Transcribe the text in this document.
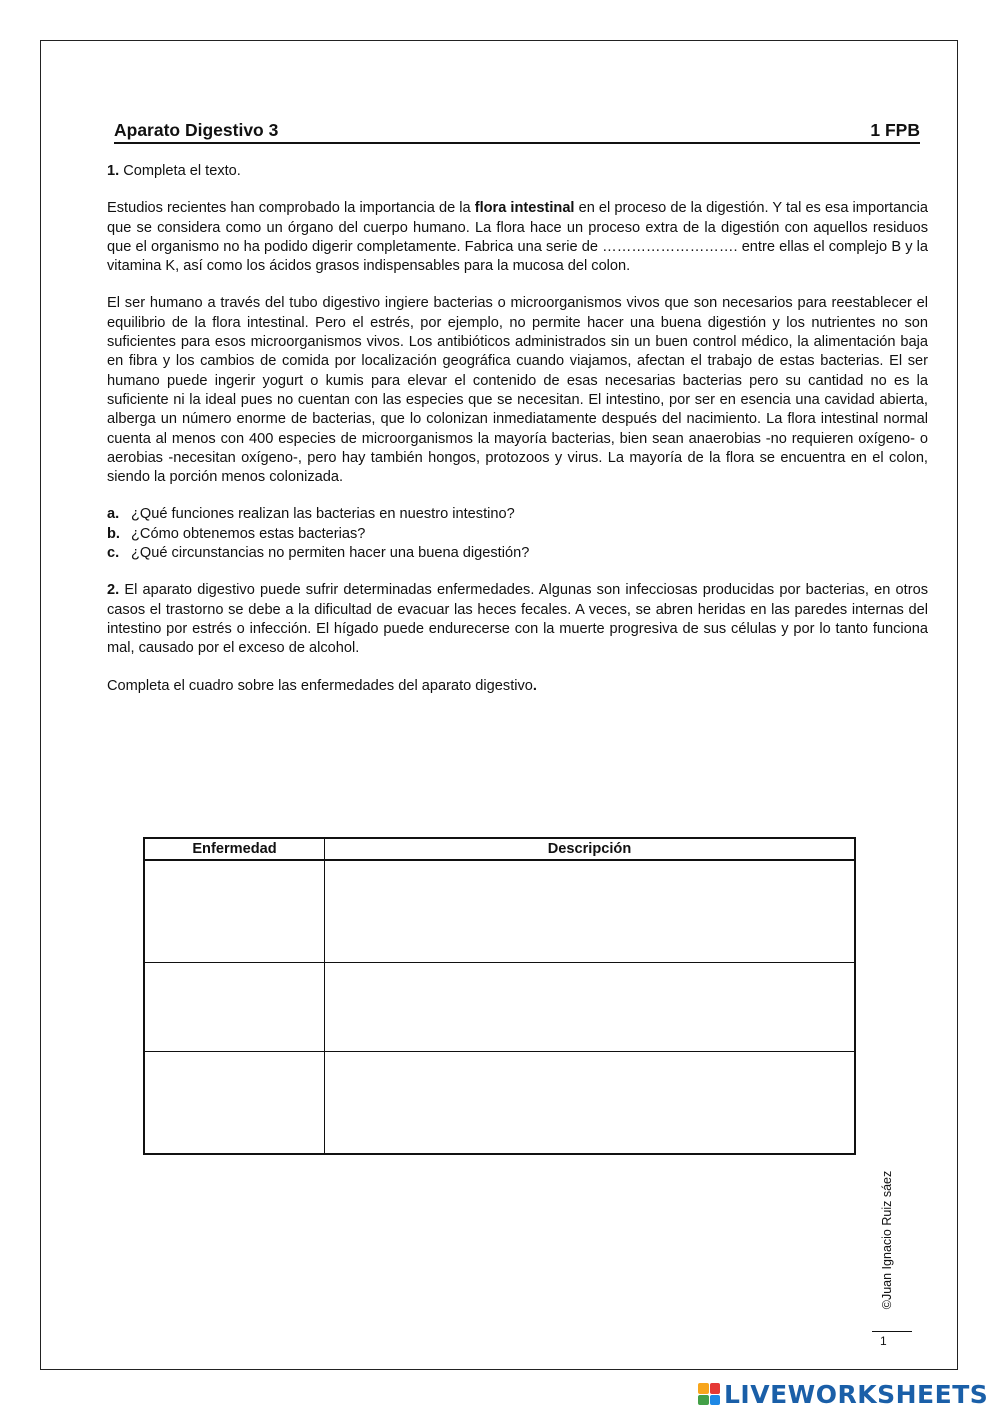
Aparato Digestivo 3	1 FPB

1. Completa el texto.

Estudios recientes han comprobado la importancia de la flora intestinal en el proceso de la digestión. Y tal es esa importancia que se considera como un órgano del cuerpo humano. La flora hace un proceso extra de la digestión con aquellos residuos que el organismo no ha podido digerir completamente. Fabrica una serie de ………………………. entre ellas el complejo B y la vitamina K, así como los ácidos grasos indispensables para la mucosa del colon.

El ser humano a través del tubo digestivo ingiere bacterias o microorganismos vivos que son necesarios para reestablecer el equilibrio de la flora intestinal. Pero el estrés, por ejemplo, no permite hacer una buena digestión y los nutrientes no son suficientes para esos microorganismos vivos. Los antibióticos administrados sin un buen control médico, la alimentación baja en fibra y los cambios de comida por localización geográfica cuando viajamos, afectan el trabajo de estas bacterias. El ser humano puede ingerir yogurt o kumis para elevar el contenido de esas necesarias bacterias pero su cantidad no es la suficiente ni la ideal pues no cuentan con las especies que se necesitan. El intestino, por ser en esencia una cavidad abierta, alberga un número enorme de bacterias, que lo colonizan inmediatamente después del nacimiento. La flora intestinal normal cuenta al menos con 400 especies de microorganismos la mayoría bacterias, bien sean anaerobias -no requieren oxígeno- o aerobias -necesitan oxígeno-, pero hay también hongos, protozoos y virus. La mayoría de la flora se encuentra en el colon, siendo la porción menos colonizada.

a. ¿Qué funciones realizan las bacterias en nuestro intestino?

b. ¿Cómo obtenemos estas bacterias?

c. ¿Qué circunstancias no permiten hacer una buena digestión?

2. El aparato digestivo puede sufrir determinadas enfermedades. Algunas son infecciosas producidas por bacterias, en otros casos el trastorno se debe a la dificultad de evacuar las heces fecales. A veces, se abren heridas en las paredes internas del intestino por estrés o infección. El hígado puede endurecerse con la muerte progresiva de sus células y por lo tanto funciona mal, causado por el exceso de alcohol.

Completa el cuadro sobre las enfermedades del aparato digestivo.

Enfermedad	Descripción

©Juan Ignacio Ruiz sáez
1
LIVEWORKSHEETS
